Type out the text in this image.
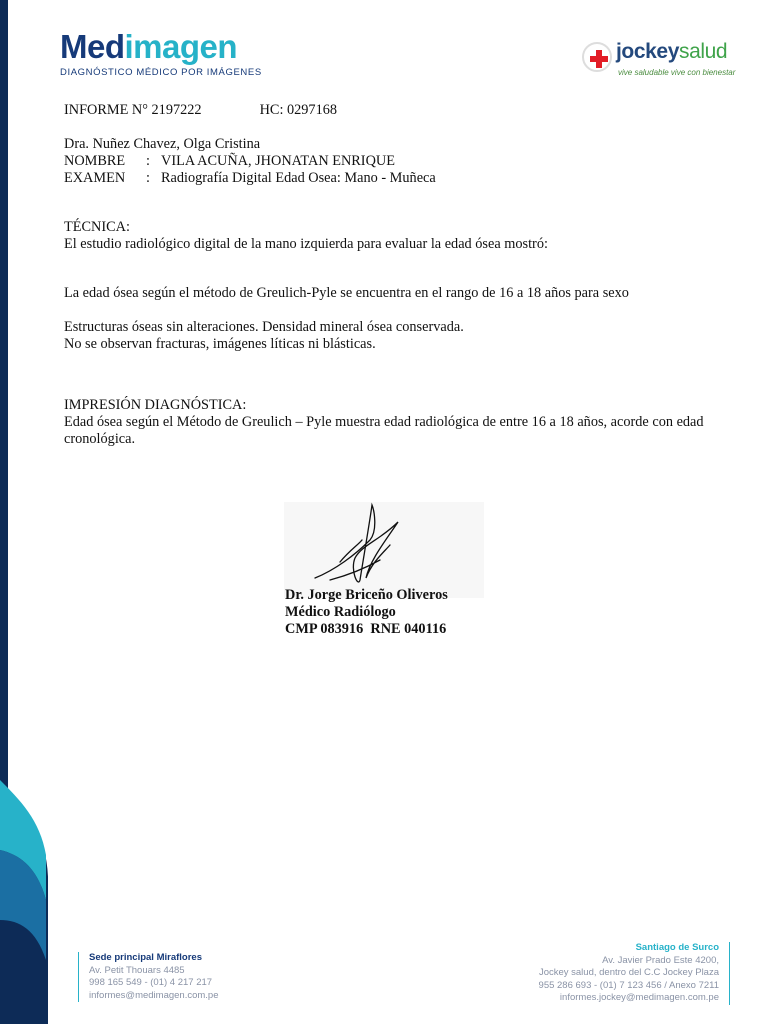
Medimagen
DIAGNÓSTICO MÉDICO POR IMÁGENES
jockeysalud
vive saludable vive con bienestar
INFORME N° 2197222	HC: 0297168
Dra. Nuñez Chavez, Olga Cristina
NOMBRE : VILA ACUÑA, JHONATAN ENRIQUE
EXAMEN : Radiografía Digital Edad Osea: Mano - Muñeca
TÉCNICA:
El estudio radiológico digital de la mano izquierda para evaluar la edad ósea mostró:
La edad ósea según el método de Greulich-Pyle se encuentra en el rango de 16 a 18 años para sexo
Estructuras óseas sin alteraciones. Densidad mineral ósea conservada.
No se observan fracturas, imágenes líticas ni blásticas.
IMPRESIÓN DIAGNÓSTICA:
Edad ósea según el Método de Greulich – Pyle muestra edad radiológica de entre 16 a 18 años, acorde con edad cronológica.
Dr. Jorge Briceño Oliveros
Médico Radiólogo
CMP 083916  RNE 040116
Sede principal Miraflores
Av. Petit Thouars 4485
998 165 549 - (01) 4 217 217
informes@medimagen.com.pe
Santiago de Surco
Av. Javier Prado Este 4200,
Jockey salud, dentro del C.C Jockey Plaza
955 286 693 - (01) 7 123 456 / Anexo 7211
informes.jockey@medimagen.com.pe
